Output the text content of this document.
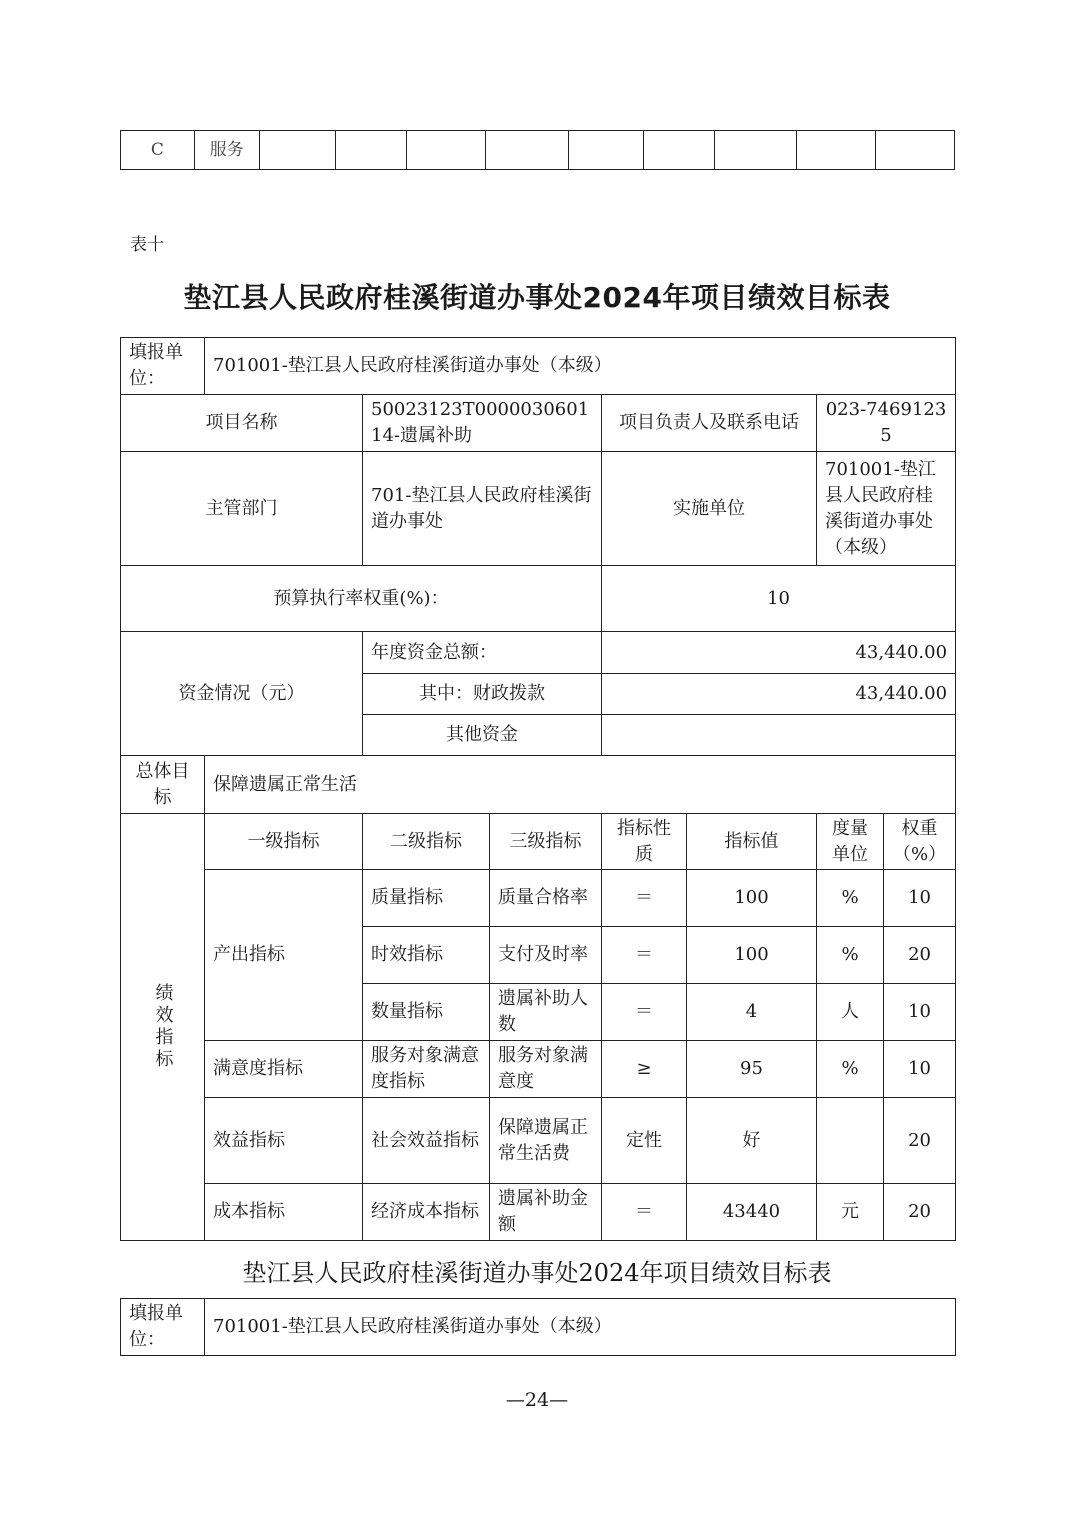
C	服务									
表十
垫江县人民政府桂溪街道办事处2024年项目绩效目标表
填报单位：	701001-垫江县人民政府桂溪街道办事处（本级）						
项目名称		50023123T000003060114-遗属补助		项目负责人及联系电话		023-74691235	
主管部门		701-垫江县人民政府桂溪街道办事处		实施单位		701001-垫江县人民政府桂溪街道办事处（本级）	
预算执行率权重(%)：				10			
资金情况（元）		年度资金总额：		43,440.00			
		其中：财政拨款		43,440.00			
		其他资金					
总体目标	保障遗属正常生活						

绩效指标	一级指标	二级指标	三级指标	指标性质	指标值	度量单位	权重（%）
	产出指标	质量指标	质量合格率	＝	100	%	10
		时效指标	支付及时率	＝	100	%	20
		数量指标	遗属补助人数	＝	4	人	10
	满意度指标	服务对象满意度指标	服务对象满意度	≥	95	%	10
	效益指标	社会效益指标	保障遗属正常生活费	定性	好		20
	成本指标	经济成本指标	遗属补助金额	＝	43440	元	20
垫江县人民政府桂溪街道办事处2024年项目绩效目标表
填报单位：	701001-垫江县人民政府桂溪街道办事处（本级）
—24—
